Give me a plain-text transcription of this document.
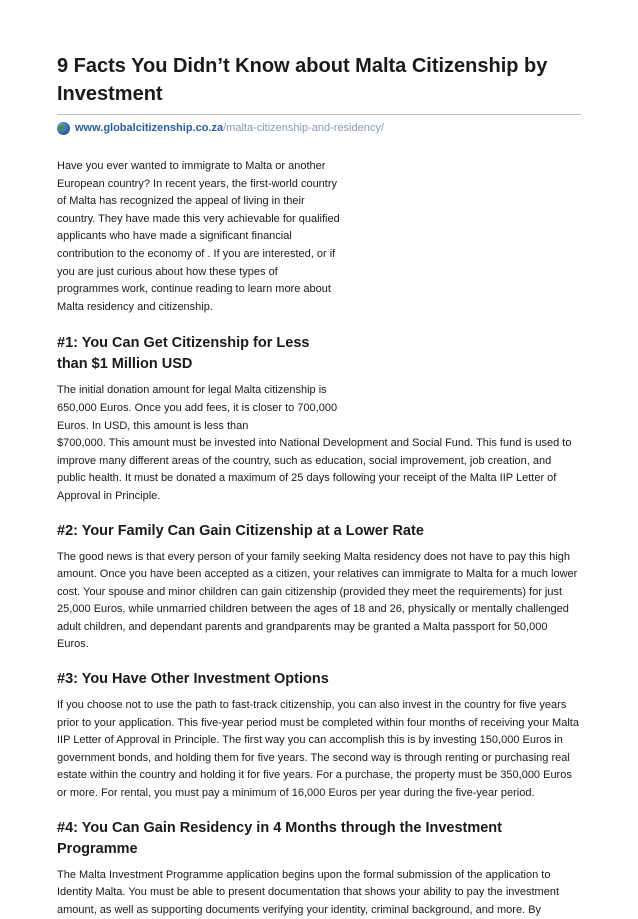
9 Facts You Didn’t Know about Malta Citizenship by Investment
www.globalcitizenship.co.za /malta-citizenship-and-residency/

Have you ever wanted to immigrate to Malta or another European country? In recent years, the first-world country of Malta has recognized the appeal of living in their country. They have made this very achievable for qualified applicants who have made a significant financial contribution to the economy of . If you are interested, or if you are just curious about how these types of programmes work, continue reading to learn more about Malta residency and citizenship.

#1: You Can Get Citizenship for Less than $1 Million USD

The initial donation amount for legal Malta citizenship is 650,000 Euros. Once you add fees, it is closer to 700,000 Euros. In USD, this amount is less than

$700,000. This amount must be invested into National Development and Social Fund. This fund is used to improve many different areas of the country, such as education, social improvement, job creation, and public health. It must be donated a maximum of 25 days following your receipt of the Malta IIP Letter of Approval in Principle.

#2: Your Family Can Gain Citizenship at a Lower Rate

The good news is that every person of your family seeking Malta residency does not have to pay this high amount. Once you have been accepted as a citizen, your relatives can immigrate to Malta for a much lower cost. Your spouse and minor children can gain citizenship (provided they meet the requirements) for just 25,000 Euros, while unmarried children between the ages of 18 and 26, physically or mentally challenged adult children, and dependant parents and grandparents may be granted a Malta passport for 50,000 Euros.

#3: You Have Other Investment Options

If you choose not to use the path to fast-track citizenship, you can also invest in the country for five years prior to your application. This five-year period must be completed within four months of receiving your Malta IIP Letter of Approval in Principle. The first way you can accomplish this is by investing 150,000 Euros in government bonds, and holding them for five years. The second way is through renting or purchasing real estate within the country and holding it for five years. For a purchase, the property must be 350,000 Euros or more. For rental, you must pay a minimum of 16,000 Euros per year during the five-year period.

#4: You Can Gain Residency in 4 Months through the Investment Programme

The Malta Investment Programme application begins upon the formal submission of the application to Identity Malta. You must be able to present documentation that shows your ability to pay the investment amount, as well as supporting documents verifying your identity, criminal background, and more. By
